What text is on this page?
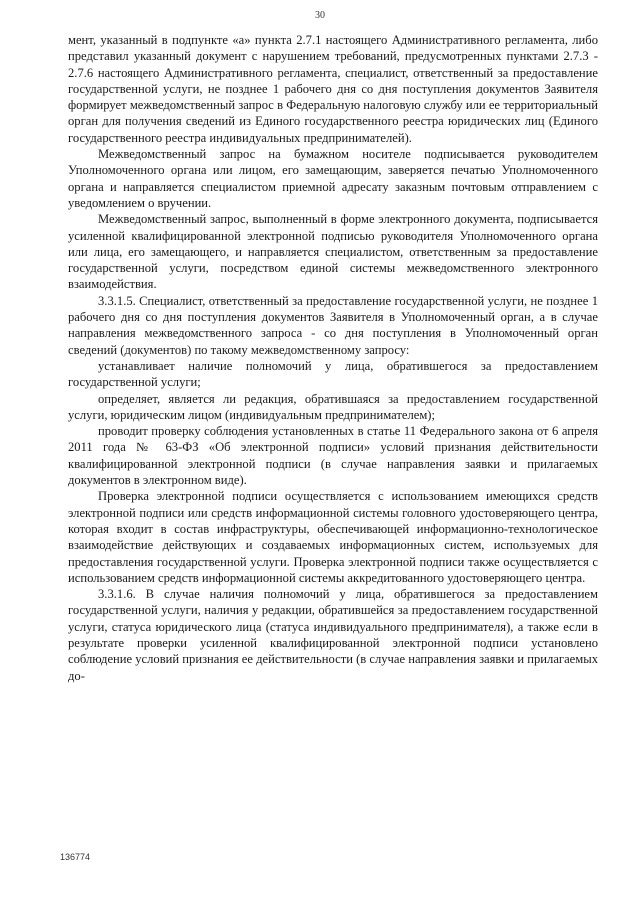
30

мент, указанный в подпункте «а» пункта 2.7.1 настоящего Административного регламента, либо представил указанный документ с нарушением требований, предусмотренных пунктами 2.7.3 - 2.7.6 настоящего Административного регламента, специалист, ответственный за предоставление государственной услуги, не позднее 1 рабочего дня со дня поступления документов Заявителя формирует межведомственный запрос в Федеральную налоговую службу или ее территориальный орган для получения сведений из Единого государственного реестра юридических лиц (Единого государственного реестра индивидуальных предпринимателей).

Межведомственный запрос на бумажном носителе подписывается руководителем Уполномоченного органа или лицом, его замещающим, заверяется печатью Уполномоченного органа и направляется специалистом приемной адресату заказным почтовым отправлением с уведомлением о вручении.

Межведомственный запрос, выполненный в форме электронного документа, подписывается усиленной квалифицированной электронной подписью руководителя Уполномоченного органа или лица, его замещающего, и направляется специалистом, ответственным за предоставление государственной услуги, посредством единой системы межведомственного электронного взаимодействия.

3.3.1.5. Специалист, ответственный за предоставление государственной услуги, не позднее 1 рабочего дня со дня поступления документов Заявителя в Уполномоченный орган, а в случае направления межведомственного запроса - со дня поступления в Уполномоченный орган сведений (документов) по такому межведомственному запросу:

устанавливает наличие полномочий у лица, обратившегося за предоставлением государственной услуги;

определяет, является ли редакция, обратившаяся за предоставлением государственной услуги, юридическим лицом (индивидуальным предпринимателем);

проводит проверку соблюдения установленных в статье 11 Федерального закона от 6 апреля 2011 года № 63-ФЗ «Об электронной подписи» условий признания действительности квалифицированной электронной подписи (в случае направления заявки и прилагаемых документов в электронном виде).

Проверка электронной подписи осуществляется с использованием имеющихся средств электронной подписи или средств информационной системы головного удостоверяющего центра, которая входит в состав инфраструктуры, обеспечивающей информационно-технологическое взаимодействие действующих и создаваемых информационных систем, используемых для предоставления государственной услуги. Проверка электронной подписи также осуществляется с использованием средств информационной системы аккредитованного удостоверяющего центра.

3.3.1.6. В случае наличия полномочий у лица, обратившегося за предоставлением государственной услуги, наличия у редакции, обратившейся за предоставлением государственной услуги, статуса юридического лица (статуса индивидуального предпринимателя), а также если в результате проверки усиленной квалифицированной электронной подписи установлено соблюдение условий признания ее действительности (в случае направления заявки и прилагаемых до-

136774
